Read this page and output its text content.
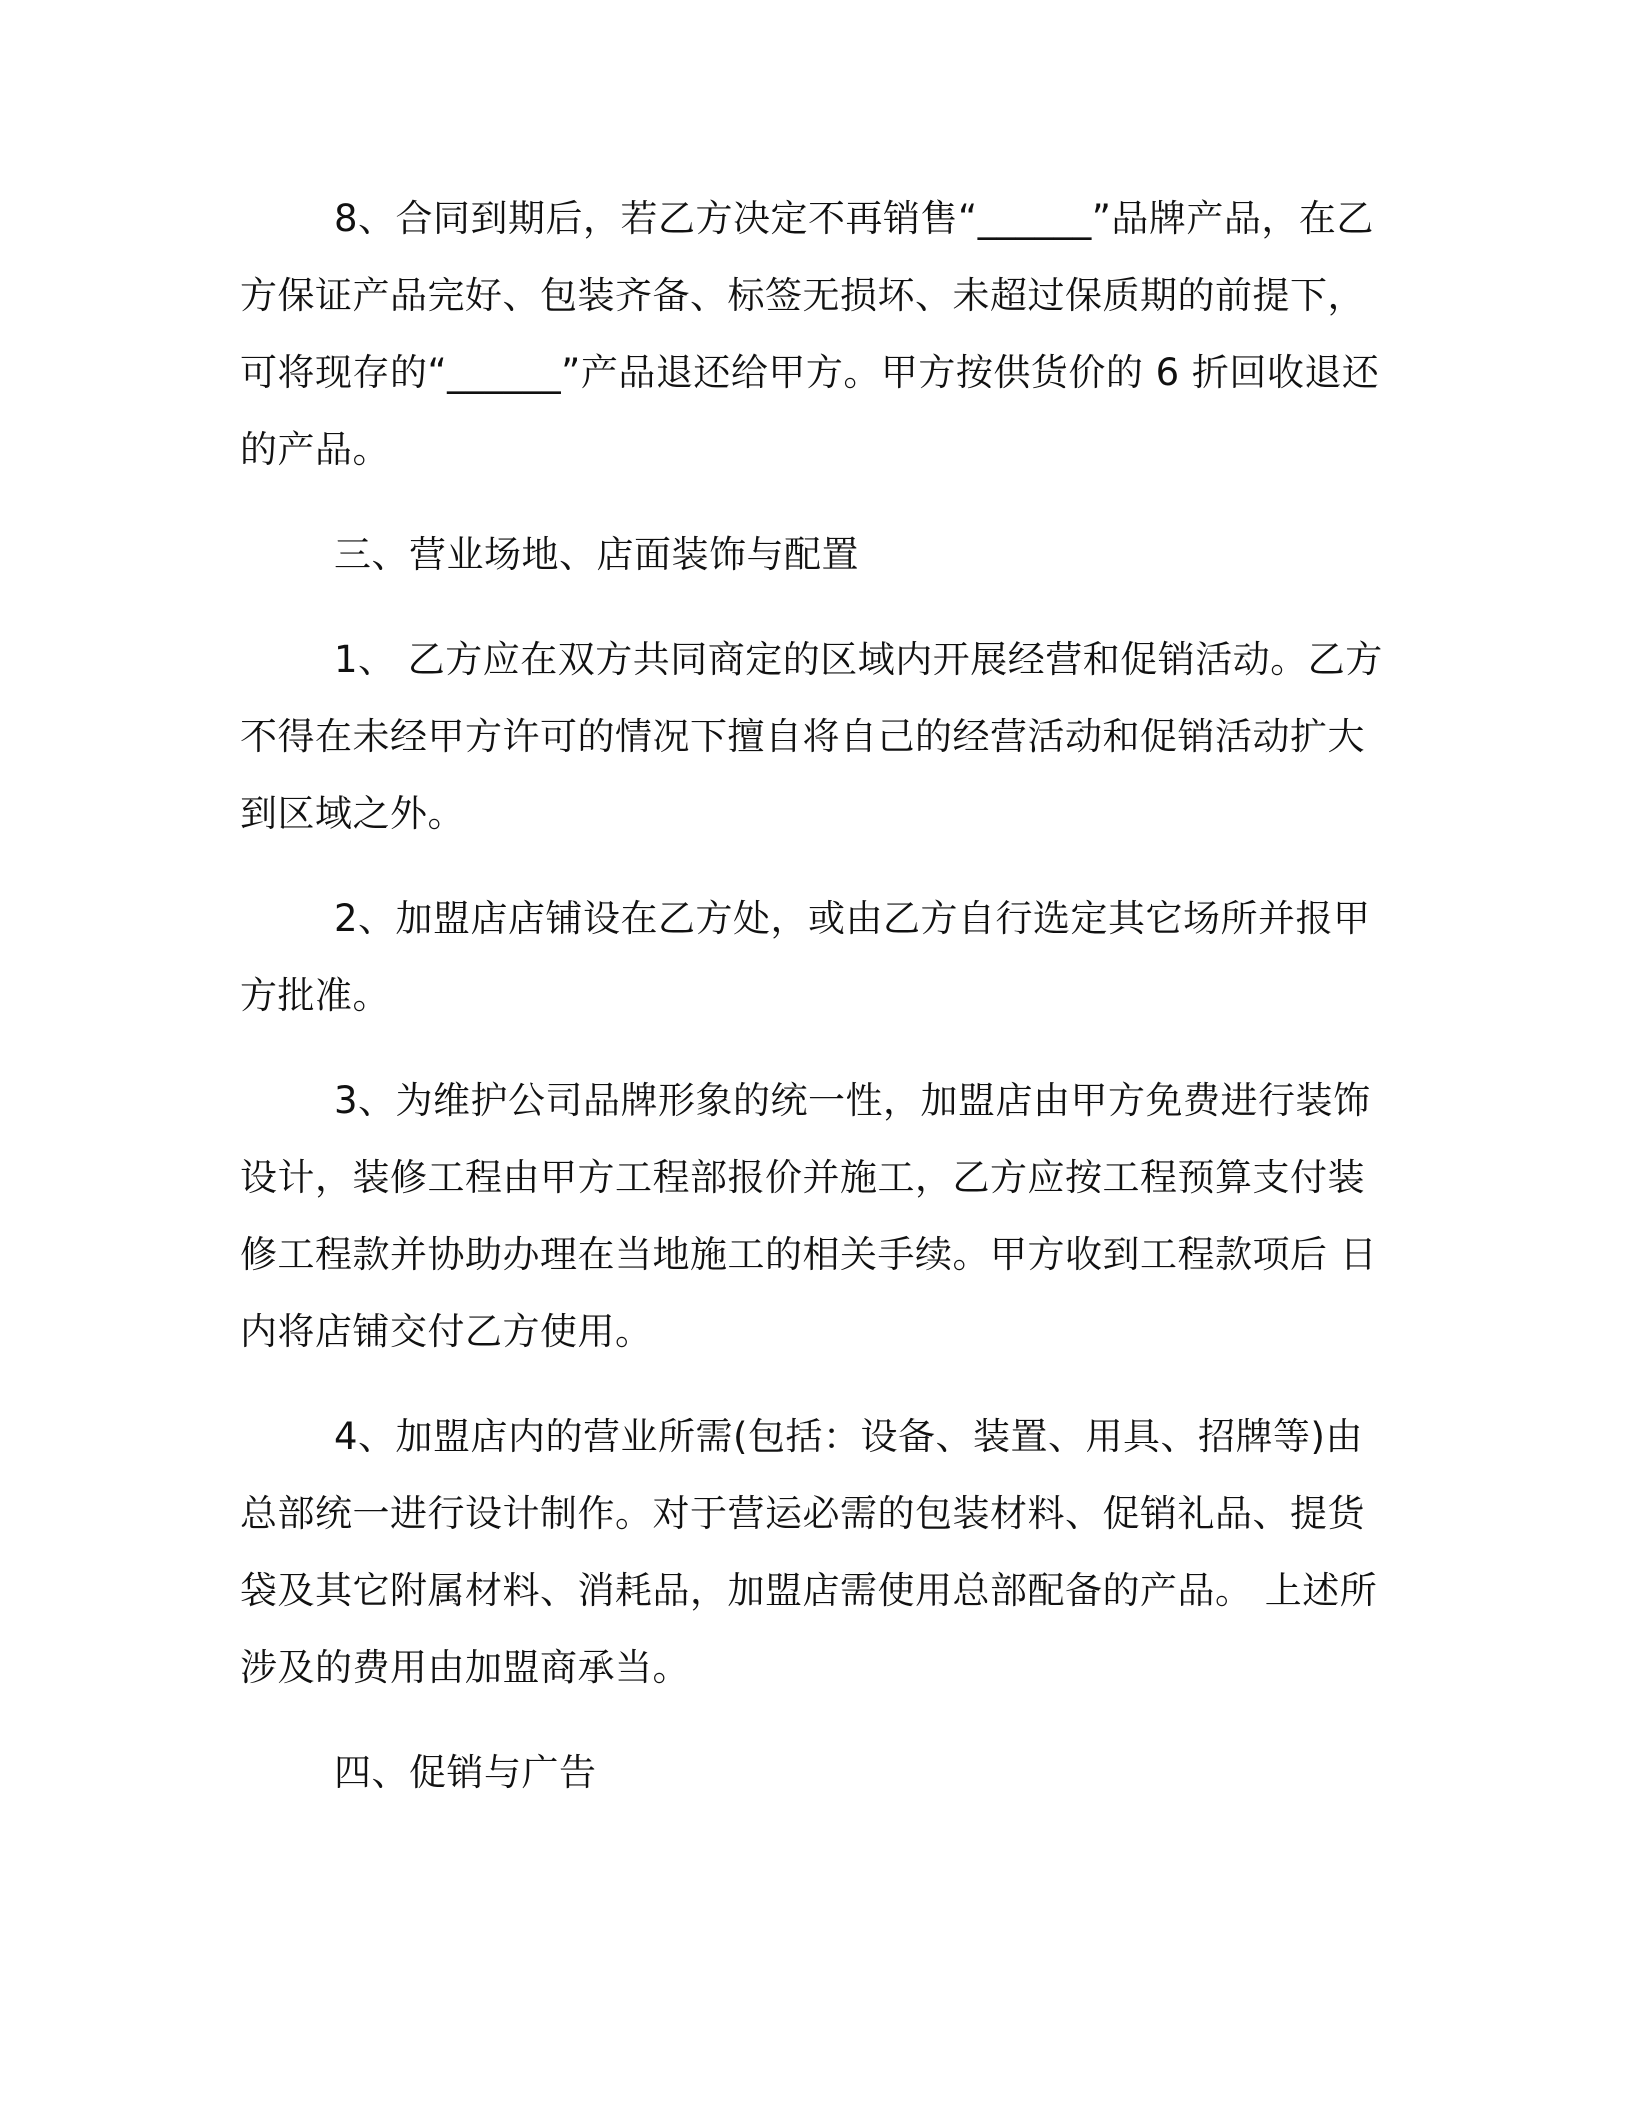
8、合同到期后，若乙方决定不再销售“______”品牌产品，在乙方保证产品完好、包装齐备、标签无损坏、未超过保质期的前提下，可将现存的“______”产品退还给甲方。甲方按供货价的 6 折回收退还的产品。

三、营业场地、店面装饰与配置

1、 乙方应在双方共同商定的区域内开展经营和促销活动。乙方不得在未经甲方许可的情况下擅自将自己的经营活动和促销活动扩大到区域之外。

2、加盟店店铺设在乙方处，或由乙方自行选定其它场所并报甲方批准。

3、为维护公司品牌形象的统一性，加盟店由甲方免费进行装饰设计，装修工程由甲方工程部报价并施工，乙方应按工程预算支付装修工程款并协助办理在当地施工的相关手续。甲方收到工程款项后 日内将店铺交付乙方使用。

4、加盟店内的营业所需(包括：设备、装置、用具、招牌等)由总部统一进行设计制作。对于营运必需的包装材料、促销礼品、提货袋及其它附属材料、消耗品，加盟店需使用总部配备的产品。 上述所涉及的费用由加盟商承当。

四、促销与广告
